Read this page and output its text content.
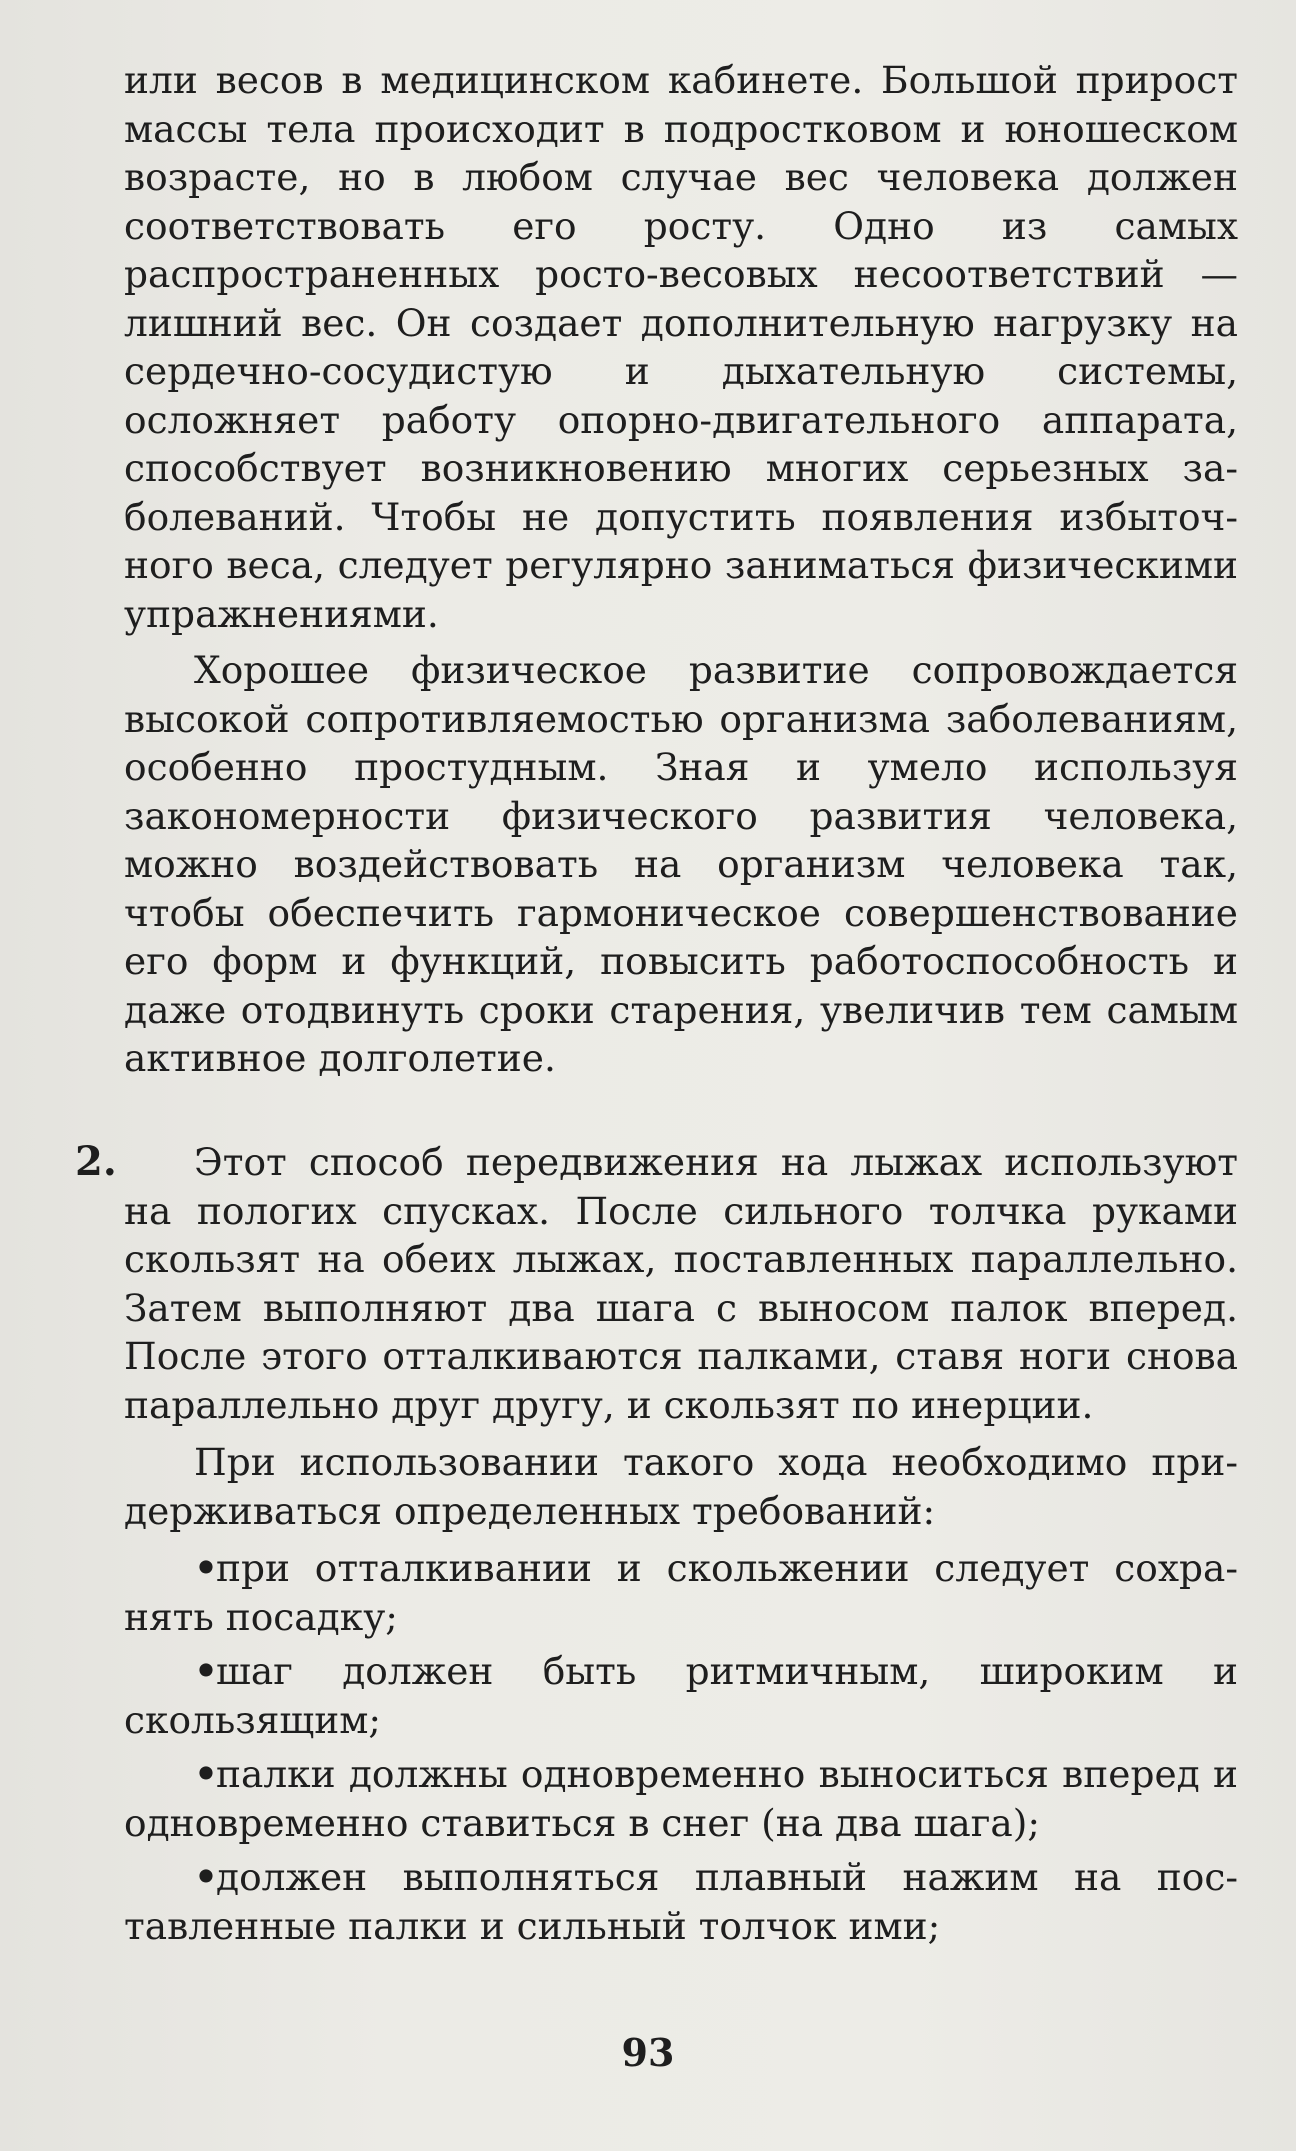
или весов в медицинском кабинете. Большой прирост массы тела происходит в подростковом и юношеском возрасте, но в любом случае вес человека должен соответствовать его росту. Одно из самых распространенных росто-весовых несоответствий — лишний вес. Он создает дополнительную нагрузку на сердечно-сосудистую и дыхательную системы, осложняет работу опорно-двигательного аппарата, способствует возникновению многих серьезных заболеваний. Чтобы не допустить появления избыточного веса, следует регулярно заниматься физическими упражнениями.

Хорошее физическое развитие сопровождается высокой сопротивляемостью организма заболеваниям, особенно простудным. Зная и умело используя закономерности физического развития человека, можно воздействовать на организм человека так, чтобы обеспечить гармоническое совершенствование его форм и функций, повысить работоспособность и даже отодвинуть сроки старения, увеличив тем самым активное долголетие.

2.	Этот способ передвижения на лыжах используют на пологих спусках. После сильного толчка руками скользят на обеих лыжах, поставленных параллельно. Затем выполняют два шага с выносом палок вперед. После этого отталкиваются палками, ставя ноги снова параллельно друг другу, и скользят по инерции.

При использовании такого хода необходимо придерживаться определенных требований:

•при отталкивании и скольжении следует сохранять посадку;

•шаг должен быть ритмичным, широким и скользящим;

•палки должны одновременно выноситься вперед и одновременно ставиться в снег (на два шага);

•должен выполняться плавный нажим на поставленные палки и сильный толчок ими;

93
